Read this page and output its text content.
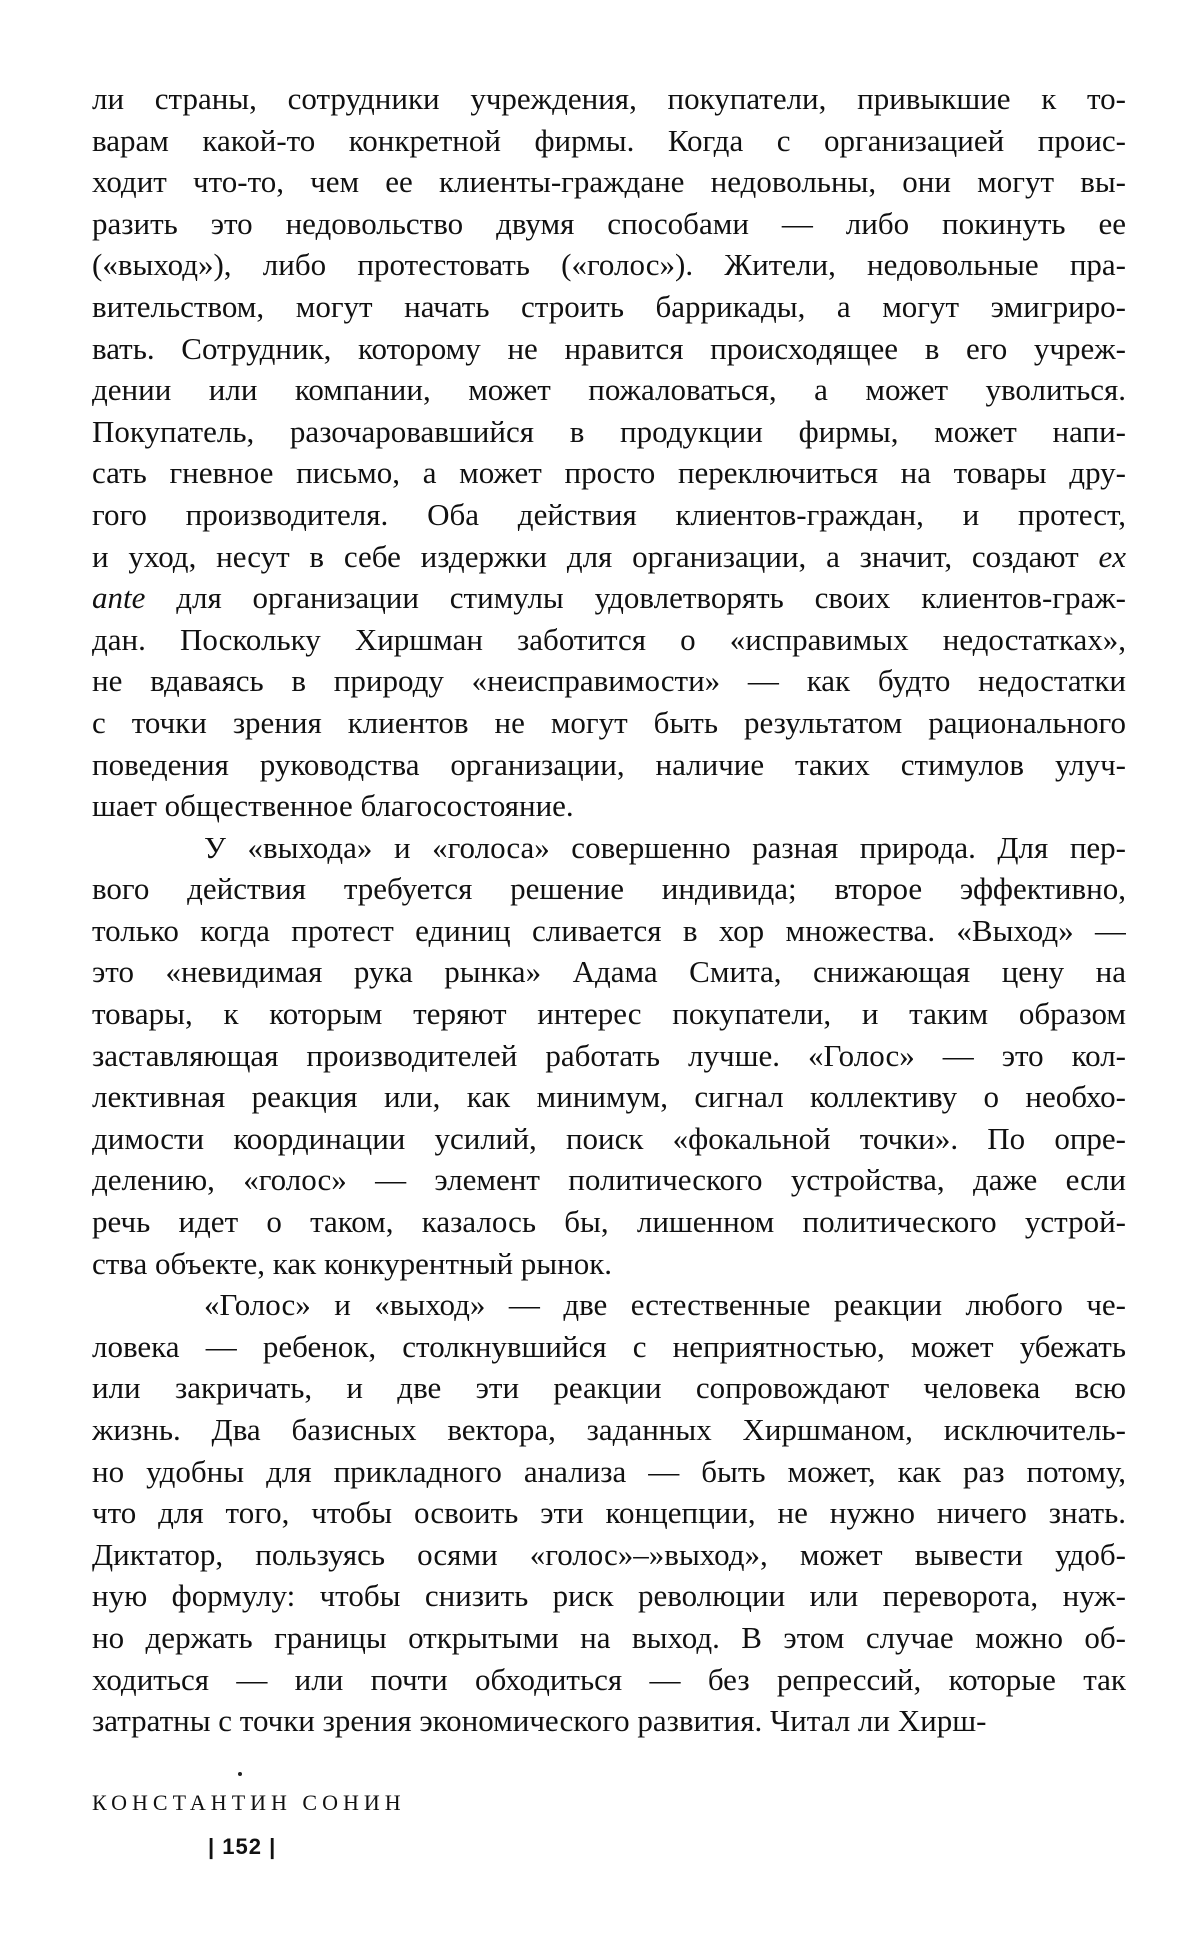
ли страны, сотрудники учреждения, покупатели, привыкшие к то-
варам какой-то конкретной фирмы. Когда с организацией проис-
ходит что-то, чем ее клиенты-граждане недовольны, они могут вы-
разить это недовольство двумя способами — либо покинуть ее
(«выход»), либо протестовать («голос»). Жители, недовольные пра-
вительством, могут начать строить баррикады, а могут эмигриро-
вать. Сотрудник, которому не нравится происходящее в его учреж-
дении или компании, может пожаловаться, а может уволиться.
Покупатель, разочаровавшийся в продукции фирмы, может напи-
сать гневное письмо, а может просто переключиться на товары дру-
гого производителя. Оба действия клиентов-граждан, и протест,
и уход, несут в себе издержки для организации, а значит, создают ex
ante для организации стимулы удовлетворять своих клиентов-граж-
дан. Поскольку Хиршман заботится о «исправимых недостатках»,
не вдаваясь в природу «неисправимости» — как будто недостатки
с точки зрения клиентов не могут быть результатом рационального
поведения руководства организации, наличие таких стимулов улуч-
шает общественное благосостояние.
У «выхода» и «голоса» совершенно разная природа. Для пер-
вого действия требуется решение индивида; второе эффективно,
только когда протест единиц сливается в хор множества. «Выход» —
это «невидимая рука рынка» Адама Смита, снижающая цену на
товары, к которым теряют интерес покупатели, и таким образом
заставляющая производителей работать лучше. «Голос» — это кол-
лективная реакция или, как минимум, сигнал коллективу о необхо-
димости координации усилий, поиск «фокальной точки». По опре-
делению, «голос» — элемент политического устройства, даже если
речь идет о таком, казалось бы, лишенном политического устрой-
ства объекте, как конкурентный рынок.
«Голос» и «выход» — две естественные реакции любого че-
ловека — ребенок, столкнувшийся с неприятностью, может убежать
или закричать, и две эти реакции сопровождают человека всю
жизнь. Два базисных вектора, заданных Хиршманом, исключитель-
но удобны для прикладного анализа — быть может, как раз потому,
что для того, чтобы освоить эти концепции, не нужно ничего знать.
Диктатор, пользуясь осями «голос»–»выход», может вывести удоб-
ную формулу: чтобы снизить риск революции или переворота, нуж-
но держать границы открытыми на выход. В этом случае можно об-
ходиться — или почти обходиться — без репрессий, которые так
затратны с точки зрения экономического развития. Читал ли Хирш-
КОНСТАНТИН СОНИН
| 152 |
